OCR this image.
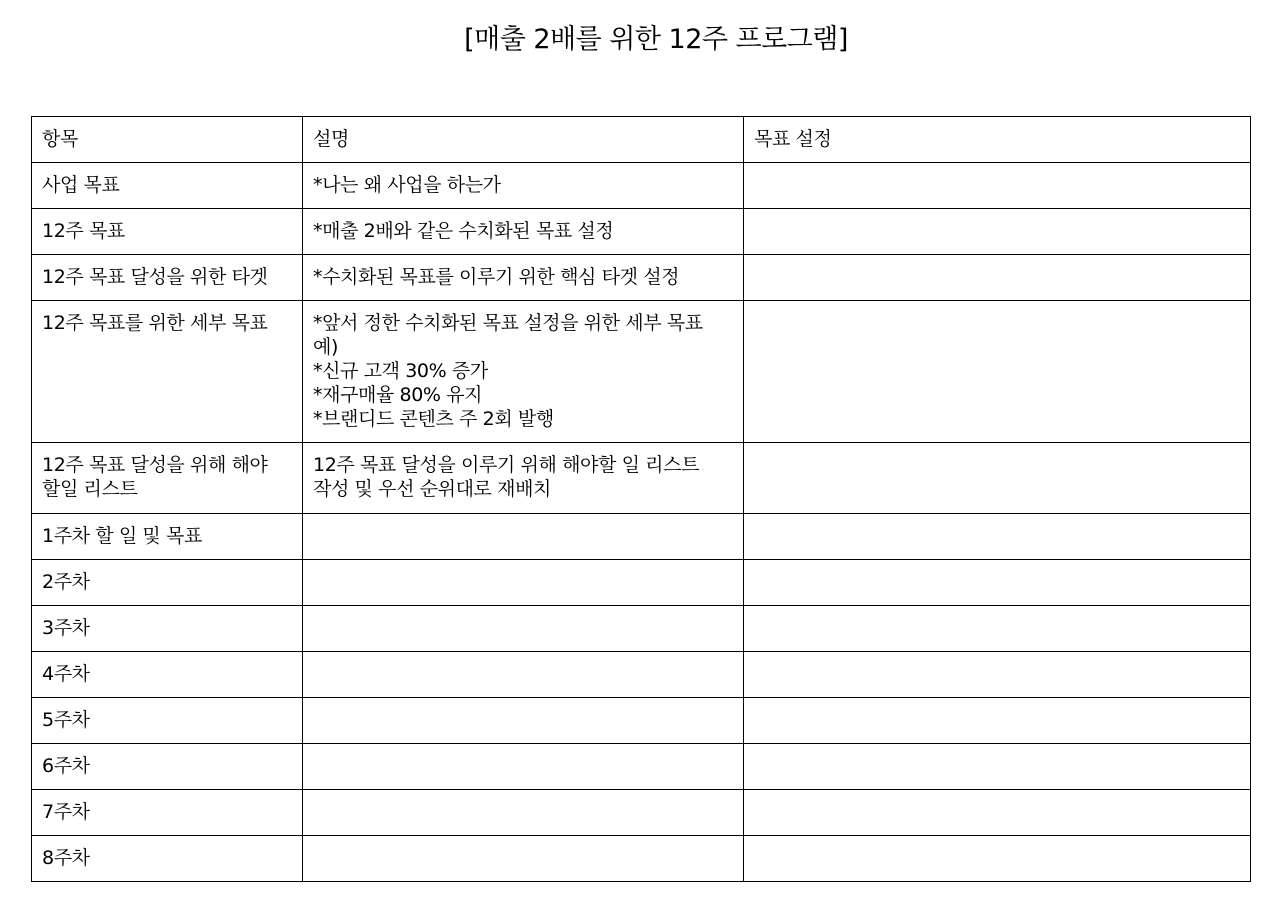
[매출 2배를 위한 12주 프로그램]
항목	설명	목표 설정
사업 목표	*나는 왜 사업을 하는가	
12주 목표	*매출 2배와 같은 수치화된 목표 설정	
12주 목표 달성을 위한 타겟	*수치화된 목표를 이루기 위한 핵심 타겟 설정	
12주 목표를 위한 세부 목표	*앞서 정한 수치화된 목표 설정을 위한 세부 목표
예)
*신규 고객 30% 증가
*재구매율 80% 유지
*브랜디드 콘텐츠 주 2회 발행	
12주 목표 달성을 위해 해야
할일 리스트	12주 목표 달성을 이루기 위해 해야할 일 리스트
작성 및 우선 순위대로 재배치	
1주차 할 일 및 목표		
2주차		
3주차		
4주차		
5주차		
6주차		
7주차		
8주차		
